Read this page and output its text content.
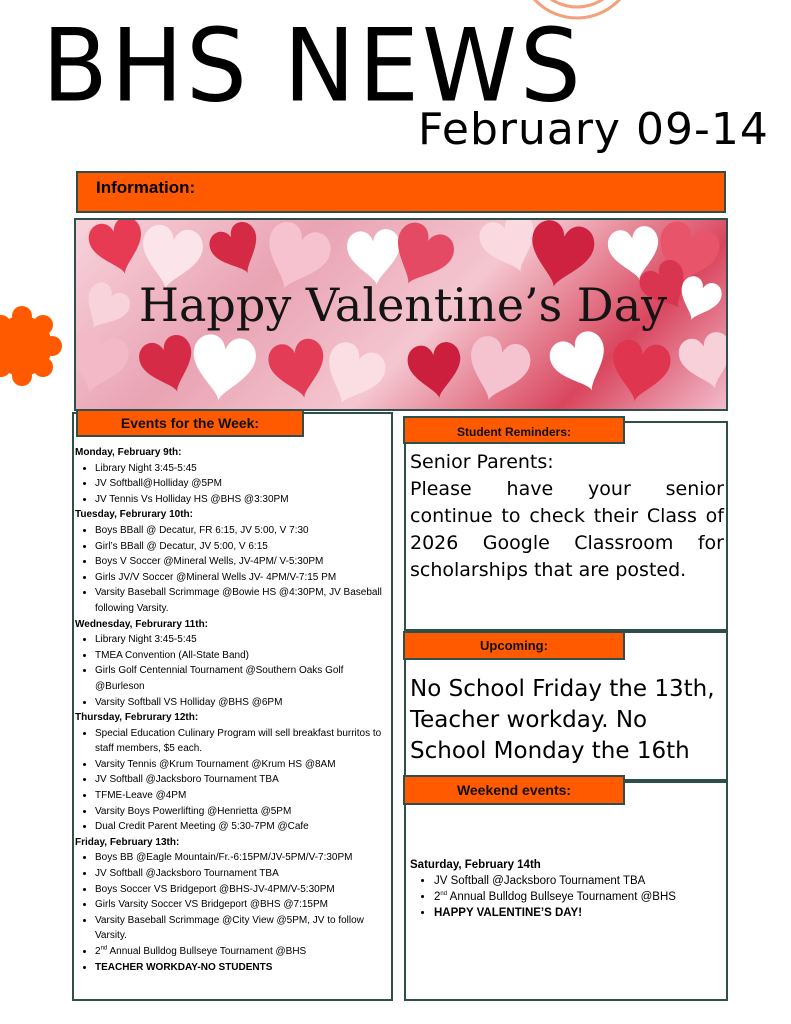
BHS NEWS
February 09-14
Information:
Happy Valentine’s Day
Events for the Week:
Monday, February 9th:
• Library Night 3:45-5:45
• JV Softball@Holliday @5PM
• JV Tennis Vs Holliday HS @BHS @3:30PM
Tuesday, Februrary 10th:
• Boys BBall @ Decatur, FR 6:15, JV 5:00, V 7:30
• Girl’s BBall @ Decatur, JV 5:00, V 6:15
• Boys V Soccer @Mineral Wells, JV-4PM/ V-5:30PM
• Girls JV/V Soccer @Mineral Wells JV- 4PM/V-7:15 PM
• Varsity Baseball Scrimmage @Bowie HS @4:30PM, JV Baseball following Varsity.
Wednesday, Februrary 11th:
• Library Night 3:45-5:45
• TMEA Convention (All-State Band)
• Girls Golf Centennial Tournament @Southern Oaks Golf @Burleson
• Varsity Softball VS Holliday @BHS @6PM
Thursday, Februrary 12th:
• Special Education Culinary Program will sell breakfast burritos to staff members, $5 each.
• Varsity Tennis @Krum Tournament @Krum HS @8AM
• JV Softball @Jacksboro Tournament TBA
• TFME-Leave @4PM
• Varsity Boys Powerlifting @Henrietta @5PM
• Dual Credit Parent Meeting @ 5:30-7PM @Cafe
Friday, February 13th:
• Boys BB @Eagle Mountain/Fr.-6:15PM/JV-5PM/V-7:30PM
• JV Softball @Jacksboro Tournament TBA
• Boys Soccer VS Bridgeport @BHS-JV-4PM/V-5:30PM
• Girls Varsity Soccer VS Bridgeport @BHS @7:15PM
• Varsity Baseball Scrimmage @City View @5PM, JV to follow Varsity.
• 2nd Annual Bulldog Bullseye Tournament @BHS
• TEACHER WORKDAY-NO STUDENTS
Student Reminders:
Senior Parents:
Please have your senior continue to check their Class of 2026 Google Classroom for scholarships that are posted.
Upcoming:
No School Friday the 13th, Teacher workday. No School Monday the 16th
Weekend events:
Saturday, February 14th
• JV Softball @Jacksboro Tournament TBA
• 2nd Annual Bulldog Bullseye Tournament @BHS
• HAPPY VALENTINE’S DAY!
